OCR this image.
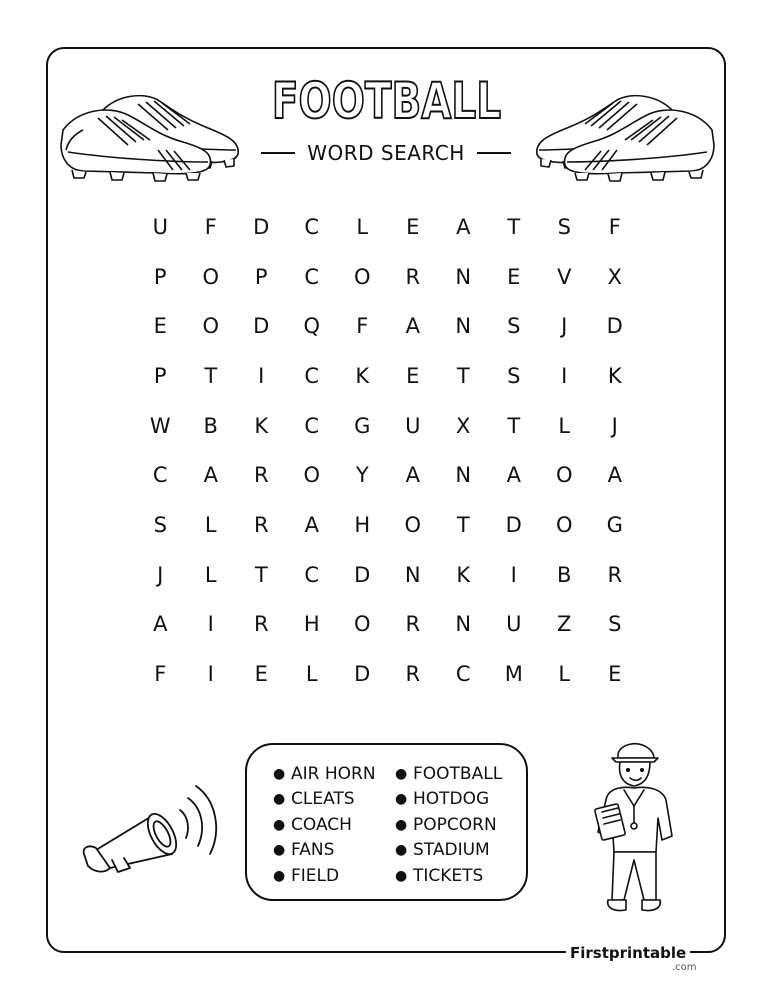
FOOTBALL
WORD SEARCH
U	F	D	C	L	E	A	T	S	F
P	O	P	C	O	R	N	E	V	X
E	O	D	Q	F	A	N	S	J	D
P	T	I	C	K	E	T	S	I	K
W	B	K	C	G	U	X	T	L	J
C	A	R	O	Y	A	N	A	O	A
S	L	R	A	H	O	T	D	O	G
J	L	T	C	D	N	K	I	B	R
A	I	R	H	O	R	N	U	Z	S
F	I	E	L	D	R	C	M	L	E
● AIR HORN
● CLEATS
● COACH
● FANS
● FIELD
● FOOTBALL
● HOTDOG
● POPCORN
● STADIUM
● TICKETS
Firstprintable
.com
